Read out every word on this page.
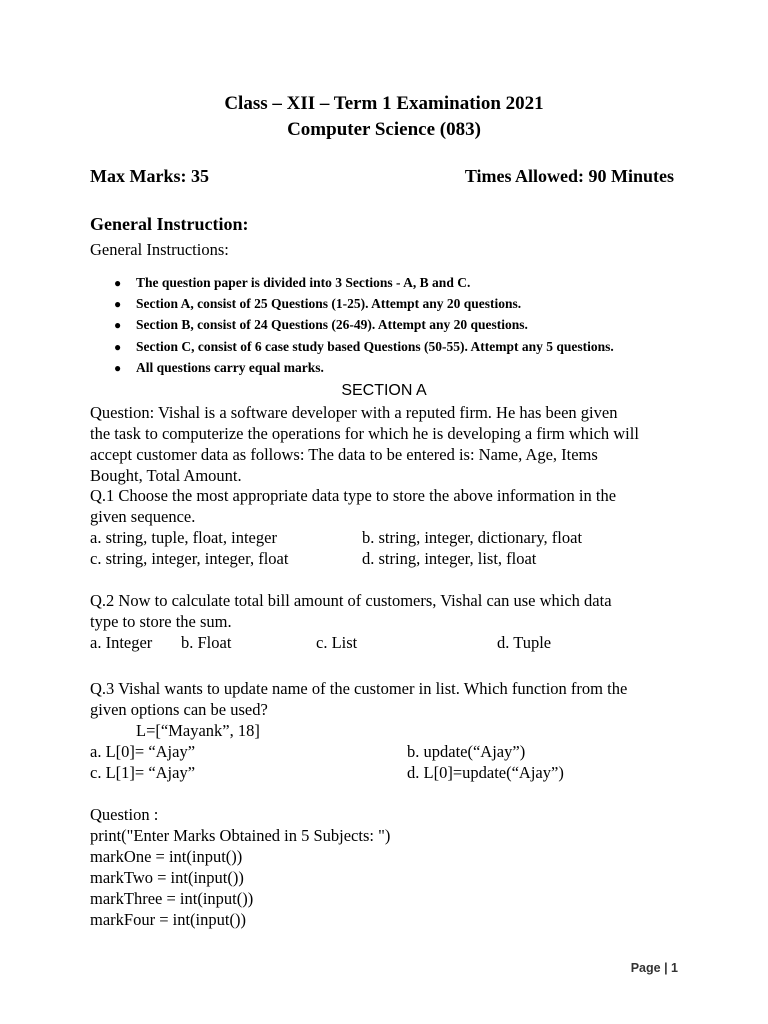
Class – XII – Term 1 Examination 2021
Computer Science (083)
Max Marks: 35	Times Allowed: 90 Minutes
General Instruction:
General Instructions:
● The question paper is divided into 3 Sections - A, B and C.
● Section A, consist of 25 Questions (1-25). Attempt any 20 questions.
● Section B, consist of 24 Questions (26-49). Attempt any 20 questions.
● Section C, consist of 6 case study based Questions (50-55). Attempt any 5 questions.
● All questions carry equal marks.
SECTION A
Question: Vishal is a software developer with a reputed firm. He has been given
the task to computerize the operations for which he is developing a firm which will
accept customer data as follows: The data to be entered is: Name, Age, Items
Bought, Total Amount.
Q.1 Choose the most appropriate data type to store the above information in the
given sequence.
a. string, tuple, float, integer	b. string, integer, dictionary, float
c. string, integer, integer, float	d. string, integer, list, float
Q.2 Now to calculate total bill amount of customers, Vishal can use which data
type to store the sum.
a. Integer b. Float	c. List	d. Tuple
Q.3 Vishal wants to update name of the customer in list. Which function from the
given options can be used?
L=[“Mayank”, 18]
a. L[0]= “Ajay”	b. update(“Ajay”)
c. L[1]= “Ajay”	d. L[0]=update(“Ajay”)
Question :
print("Enter Marks Obtained in 5 Subjects: ")
markOne = int(input())
markTwo = int(input())
markThree = int(input())
markFour = int(input())
Page | 1
